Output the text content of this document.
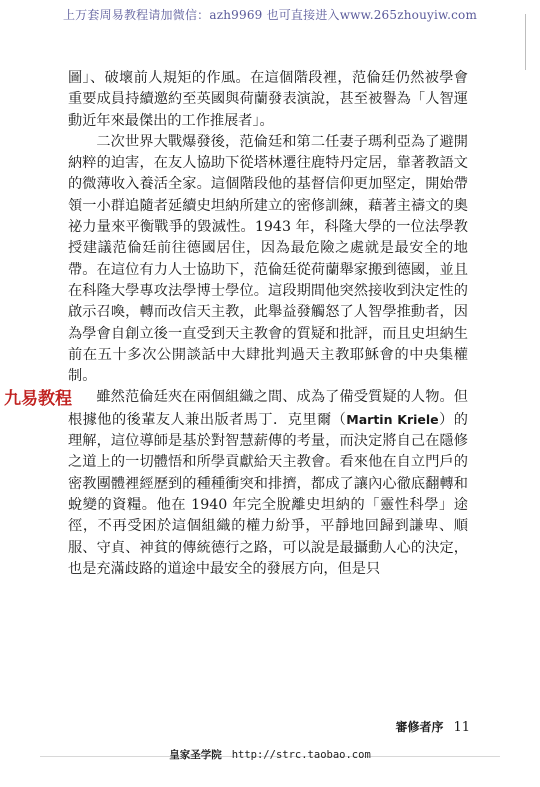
上万套周易教程请加微信：azh9969 也可直接进入www.265zhouyiw.com

圖」、破壞前人規矩的作風。在這個階段裡，范倫廷仍然被學會重要成員持續邀約至英國與荷蘭發表演說，甚至被譽為「人智運動近年來最傑出的工作推展者」。

二次世界大戰爆發後，范倫廷和第二任妻子瑪利亞為了避開納粹的迫害，在友人協助下從塔林遷往鹿特丹定居，靠著教語文的微薄收入養活全家。這個階段他的基督信仰更加堅定，開始帶領一小群追隨者延續史坦納所建立的密修訓練，藉著主禱文的奧祕力量來平衡戰爭的毀滅性。1943 年，科隆大學的一位法學教授建議范倫廷前往德國居住，因為最危險之處就是最安全的地帶。在這位有力人士協助下，范倫廷從荷蘭舉家搬到德國，並且在科隆大學專攻法學博士學位。這段期間他突然接收到決定性的啟示召喚，轉而改信天主教，此舉益發觸怒了人智學推動者，因為學會自創立後一直受到天主教會的質疑和批評，而且史坦納生前在五十多次公開談話中大肆批判過天主教耶穌會的中央集權制。

雖然范倫廷夾在兩個組織之間、成為了備受質疑的人物。但根據他的後輩友人兼出版者馬丁．克里爾（Martin Kriele）的理解，這位導師是基於對智慧薪傳的考量，而決定將自己在隱修之道上的一切體悟和所學貢獻給天主教會。看來他在自立門戶的密教團體裡經歷到的種種衝突和排擠，都成了讓內心徹底翻轉和蛻變的資糧。他在 1940 年完全脫離史坦納的「靈性科學」途徑，不再受困於這個組織的權力紛爭，平靜地回歸到謙卑、順服、守貞、神貧的傳統德行之路，可以說是最攝動人心的決定，也是充滿歧路的道途中最安全的發展方向，但是只

九易教程
審修者序 11
皇家圣学院 http://strc.taobao.com
